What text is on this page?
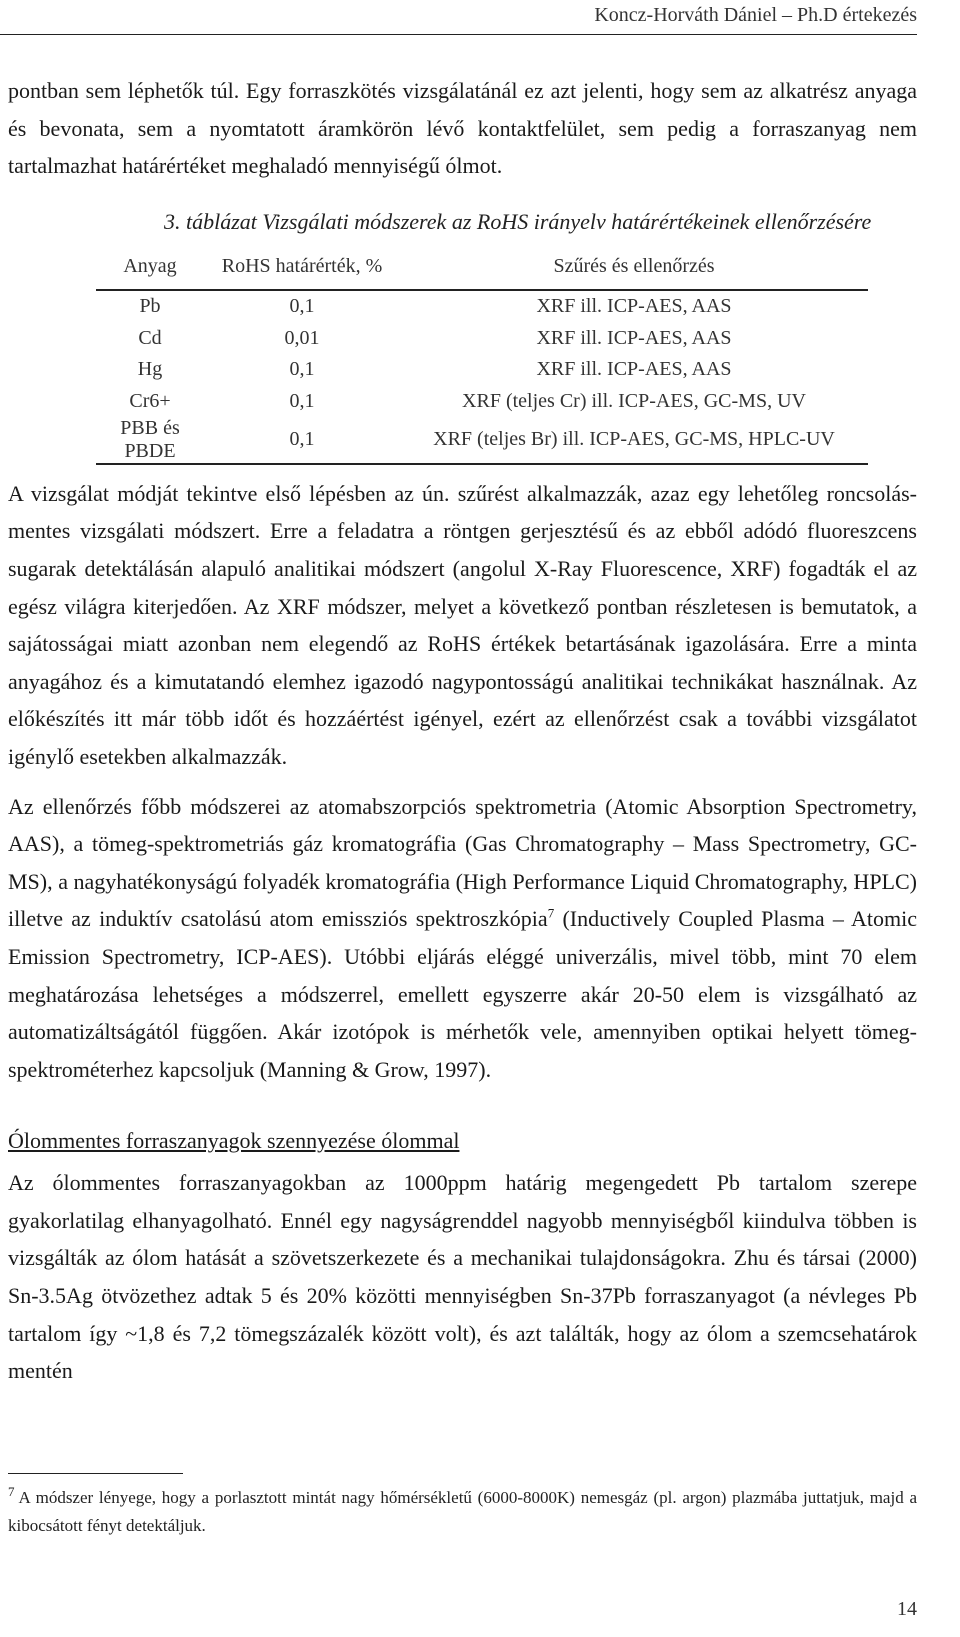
Koncz-Horváth Dániel – Ph.D értekezés

pontban sem léphetők túl. Egy forraszkötés vizsgálatánál ez azt jelenti, hogy sem az alkatrész anyaga és bevonata, sem a nyomtatott áramkörön lévő kontaktfelület, sem pedig a forraszanyag nem tartalmazhat határértéket meghaladó mennyiségű ólmot.

3. táblázat Vizsgálati módszerek az RoHS irányelv határértékeinek ellenőrzésére
Anyag	RoHS határérték, %	Szűrés és ellenőrzés
Pb	0,1	XRF ill. ICP-AES, AAS
Cd	0,01	XRF ill. ICP-AES, AAS
Hg	0,1	XRF ill. ICP-AES, AAS
Cr6+	0,1	XRF (teljes Cr) ill. ICP-AES, GC-MS, UV
PBB és PBDE	0,1	XRF (teljes Br) ill. ICP-AES, GC-MS, HPLC-UV

A vizsgálat módját tekintve első lépésben az ún. szűrést alkalmazzák, azaz egy lehetőleg roncsolás-mentes vizsgálati módszert. Erre a feladatra a röntgen gerjesztésű és az ebből adódó fluoreszcens sugarak detektálásán alapuló analitikai módszert (angolul X-Ray Fluorescence, XRF) fogadták el az egész világra kiterjedően. Az XRF módszer, melyet a következő pontban részletesen is bemutatok, a sajátosságai miatt azonban nem elegendő az RoHS értékek betartásának igazolására. Erre a minta anyagához és a kimutatandó elemhez igazodó nagypontosságú analitikai technikákat használnak. Az előkészítés itt már több időt és hozzáértést igényel, ezért az ellenőrzést csak a további vizsgálatot igénylő esetekben alkalmazzák.

Az ellenőrzés főbb módszerei az atomabszorpciós spektrometria (Atomic Absorption Spectrometry, AAS), a tömeg-spektrometriás gáz kromatográfia (Gas Chromatography – Mass Spectrometry, GC-MS), a nagyhatékonyságú folyadék kromatográfia (High Performance Liquid Chromatography, HPLC) illetve az induktív csatolású atom emissziós spektroszkópia$^7$ (Inductively Coupled Plasma – Atomic Emission Spectrometry, ICP-AES). Utóbbi eljárás eléggé univerzális, mivel több, mint 70 elem meghatározása lehetséges a módszerrel, emellett egyszerre akár 20-50 elem is vizsgálható az automatizáltságától függően. Akár izotópok is mérhetők vele, amennyiben optikai helyett tömeg-spektrométerhez kapcsoljuk (Manning & Grow, 1997).

Ólommentes forraszanyagok szennyezése ólommal

Az ólommentes forraszanyagokban az 1000ppm határig megengedett Pb tartalom szerepe gyakorlatilag elhanyagolható. Ennél egy nagyságrenddel nagyobb mennyiségből kiindulva többen is vizsgálták az ólom hatását a szövetszerkezete és a mechanikai tulajdonságokra. Zhu és társai (2000) Sn-3.5Ag ötvözethez adtak 5 és 20% közötti mennyiségben Sn-37Pb forraszanyagot (a névleges Pb tartalom így ~1,8 és 7,2 tömegszázalék között volt), és azt találták, hogy az ólom a szemcsehatárok mentén

$^7$ A módszer lényege, hogy a porlasztott mintát nagy hőmérsékletű (6000-8000K) nemesgáz (pl. argon) plazmába juttatjuk, majd a kibocsátott fényt detektáljuk.
14
